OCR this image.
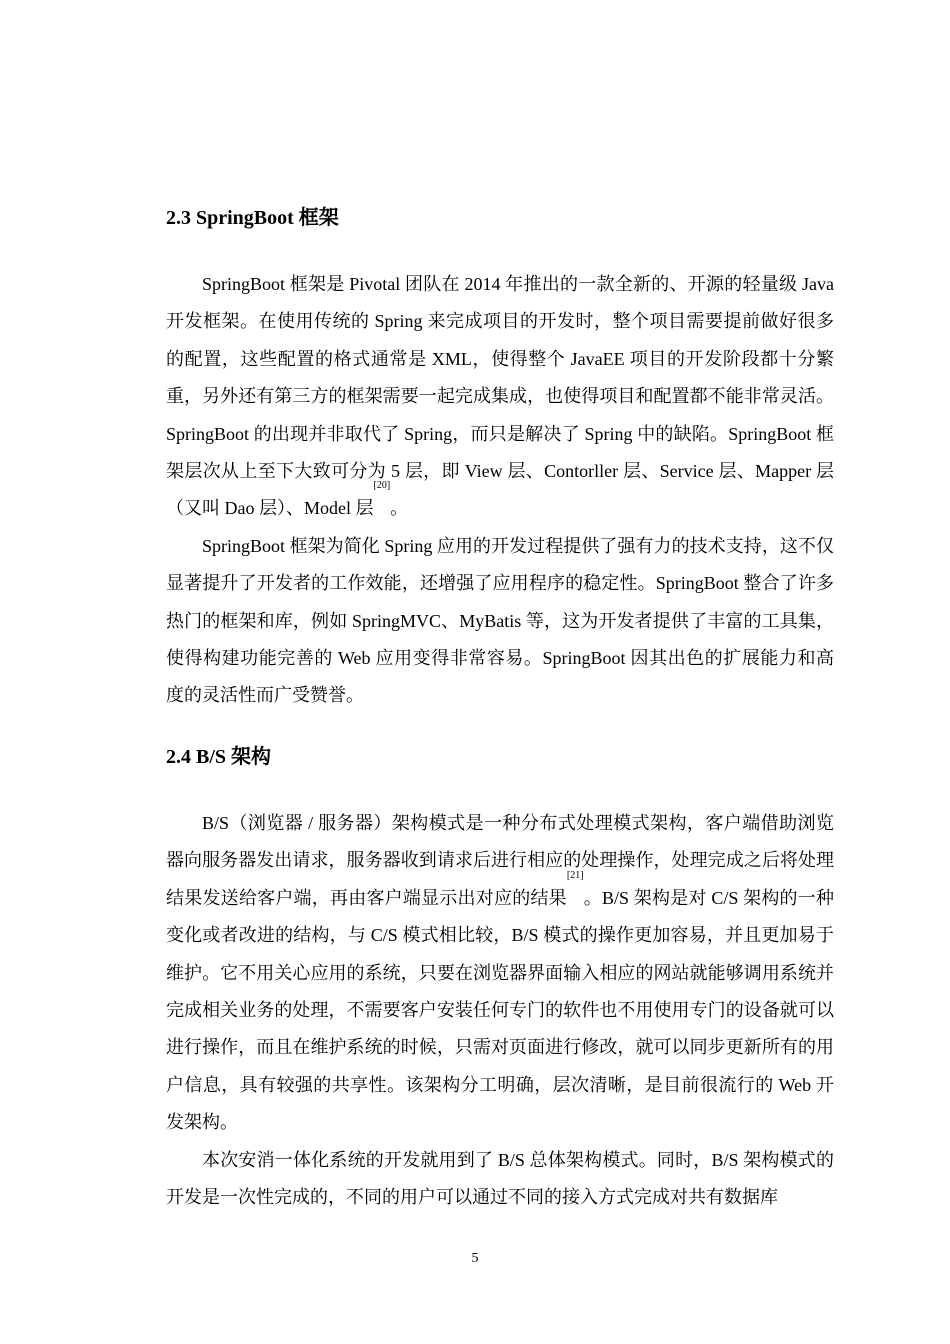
2.3 SpringBoot 框架

SpringBoot 框架是 Pivotal 团队在 2014 年推出的一款全新的、开源的轻量级 Java 开发框架。在使用传统的 Spring 来完成项目的开发时，整个项目需要提前做好很多的配置，这些配置的格式通常是 XML，使得整个 JavaEE 项目的开发阶段都十分繁重，另外还有第三方的框架需要一起完成集成，也使得项目和配置都不能非常灵活。SpringBoot 的出现并非取代了 Spring，而只是解决了 Spring 中的缺陷。SpringBoot 框架层次从上至下大致可分为 5 层，即 View 层、Contorller 层、Service 层、Mapper 层（又叫 Dao 层）、Model 层[20]。

SpringBoot 框架为简化 Spring 应用的开发过程提供了强有力的技术支持，这不仅显著提升了开发者的工作效能，还增强了应用程序的稳定性。SpringBoot 整合了许多热门的框架和库，例如 SpringMVC、MyBatis 等，这为开发者提供了丰富的工具集，使得构建功能完善的 Web 应用变得非常容易。SpringBoot 因其出色的扩展能力和高度的灵活性而广受赞誉。

2.4 B/S 架构

B/S（浏览器 / 服务器）架构模式是一种分布式处理模式架构，客户端借助浏览器向服务器发出请求，服务器收到请求后进行相应的处理操作，处理完成之后将处理结果发送给客户端，再由客户端显示出对应的结果[21]。B/S 架构是对 C/S 架构的一种变化或者改进的结构，与 C/S 模式相比较，B/S 模式的操作更加容易，并且更加易于维护。它不用关心应用的系统，只要在浏览器界面输入相应的网站就能够调用系统并完成相关业务的处理，不需要客户安装任何专门的软件也不用使用专门的设备就可以进行操作，而且在维护系统的时候，只需对页面进行修改，就可以同步更新所有的用户信息，具有较强的共享性。该架构分工明确，层次清晰，是目前很流行的 Web 开发架构。

本次安消一体化系统的开发就用到了 B/S 总体架构模式。同时，B/S 架构模式的开发是一次性完成的，不同的用户可以通过不同的接入方式完成对共有数据库

5
